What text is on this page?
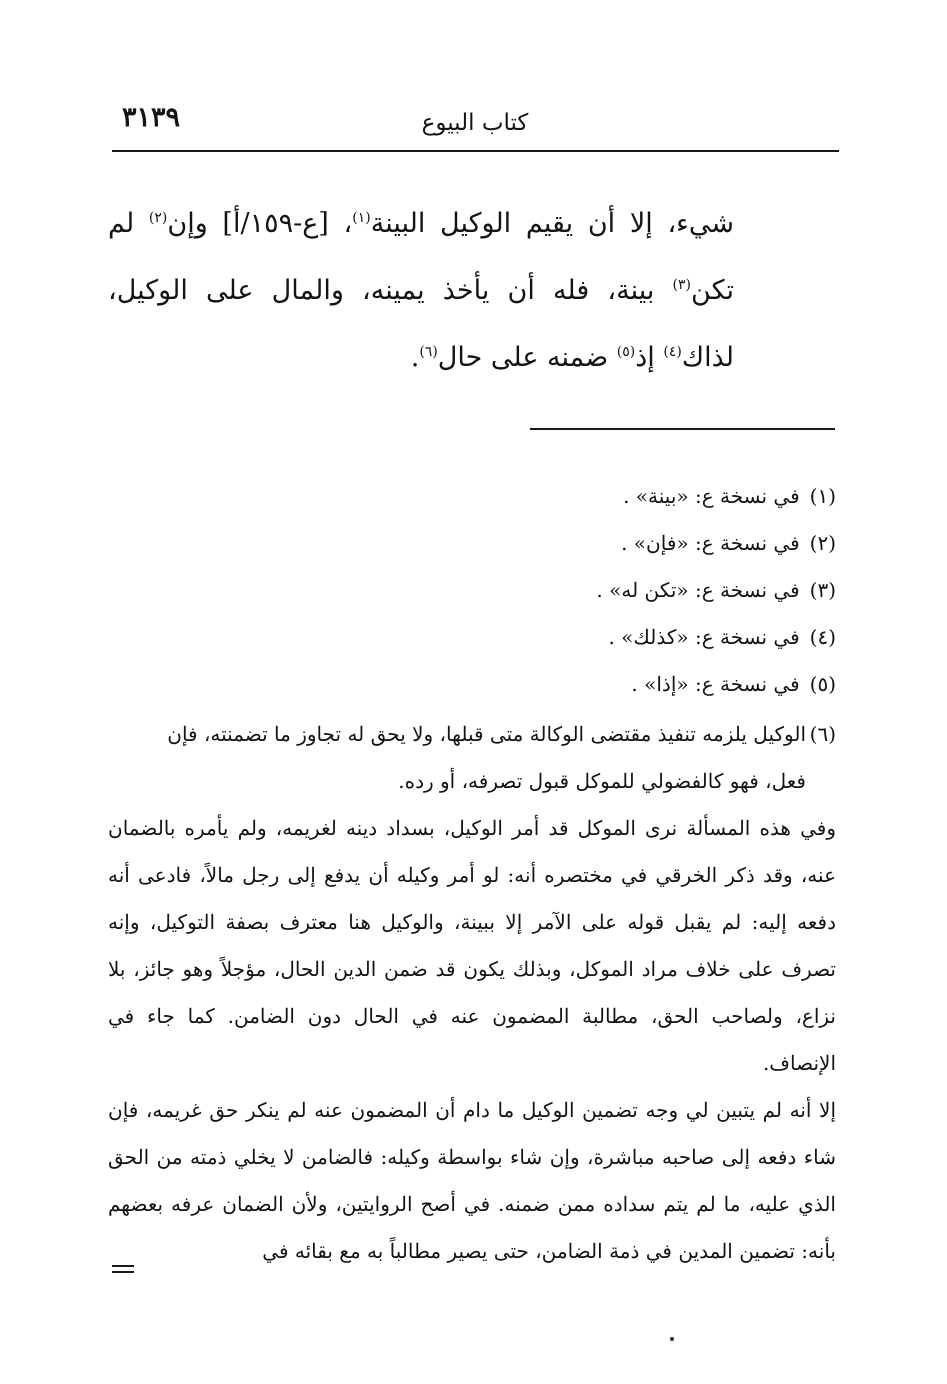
٣١٣٩	كتاب البيوع
شيء، إلا أن يقيم الوكيل البينة$^{(١)}$، [ع-١٥٩/أ] وإن$^{(٢)}$ لم تكن$^{(٣)}$ بينة، فله أن يأخذ يمينه، والمال على الوكيل، لذاك$^{(٤)}$ إذ$^{(٥)}$ ضمنه على حال$^{(٦)}$.
(١) في نسخة ع: «بينة» .
(٢) في نسخة ع: «فإن» .
(٣) في نسخة ع: «تكن له» .
(٤) في نسخة ع: «كذلك» .
(٥) في نسخة ع: «إذا» .
(٦)الوكيل يلزمه تنفيذ مقتضى الوكالة متى قبلها، ولا يحق له تجاوز ما تضمنته، فإن
فعل، فهو كالفضولي للموكل قبول تصرفه، أو رده.

وفي هذه المسألة نرى الموكل قد أمر الوكيل، بسداد دينه لغريمه، ولم يأمره بالضمان عنه، وقد ذكر الخرقي في مختصره أنه: لو أمر وكيله أن يدفع إلى رجل مالاً، فادعى أنه دفعه إليه: لم يقبل قوله على الآمر إلا ببينة، والوكيل هنا معترف بصفة التوكيل، وإنه تصرف على خلاف مراد الموكل، وبذلك يكون قد ضمن الدين الحال، مؤجلاً وهو جائز، بلا نزاع، ولصاحب الحق، مطالبة المضمون عنه في الحال دون الضامن. كما جاء في الإنصاف.

إلا أنه لم يتبين لي وجه تضمين الوكيل ما دام أن المضمون عنه لم ينكر حق غريمه، فإن شاء دفعه إلى صاحبه مباشرة، وإن شاء بواسطة وكيله: فالضامن لا يخلي ذمته من الحق الذي عليه، ما لم يتم سداده ممن ضمنه. في أصح الروايتين، ولأن الضمان عرفه بعضهم بأنه: تضمين المدين في ذمة الضامن، حتى يصير مطالباً به مع بقائه في
